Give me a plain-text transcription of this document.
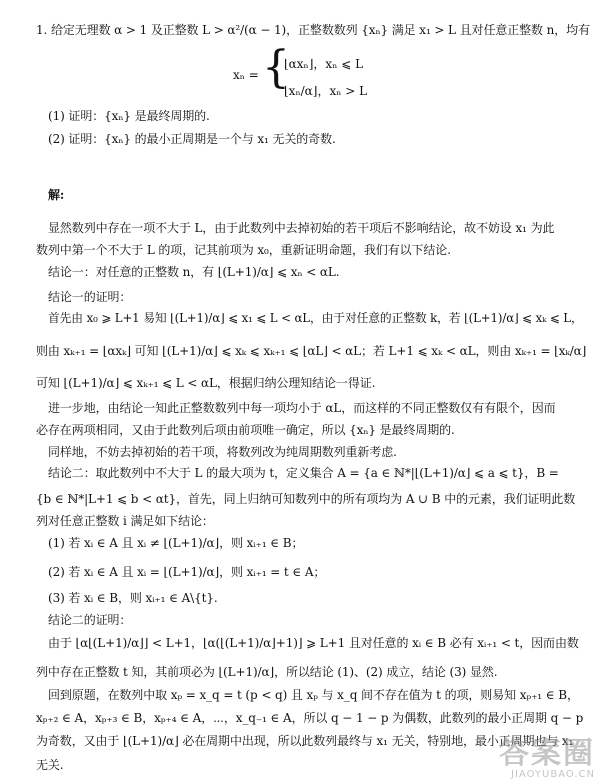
1. 给定无理数 α > 1 及正整数 L > α²/(α − 1)，正整数数列 {xₙ} 满足 x₁ > L 且对任意正整数 n，均有
xₙ = {
⌊αxₙ⌋，xₙ ⩽ L
⌊xₙ/α⌋，xₙ > L
(1) 证明：{xₙ} 是最终周期的.
(2) 证明：{xₙ} 的最小正周期是一个与 x₁ 无关的奇数.
解:
显然数列中存在一项不大于 L，由于此数列中去掉初始的若干项后不影响结论，故不妨设 x₁ 为此
数列中第一个不大于 L 的项，记其前项为 x₀，重新证明命题，我们有以下结论.
结论一：对任意的正整数 n，有 ⌊(L+1)/α⌋ ⩽ xₙ < αL.
结论一的证明：
首先由 x₀ ⩾ L+1 易知 ⌊(L+1)/α⌋ ⩽ x₁ ⩽ L < αL，由于对任意的正整数 k，若 ⌊(L+1)/α⌋ ⩽ xₖ ⩽ L，
则由 xₖ₊₁ = ⌊αxₖ⌋ 可知 ⌊(L+1)/α⌋ ⩽ xₖ ⩽ xₖ₊₁ ⩽ ⌊αL⌋ < αL；若 L+1 ⩽ xₖ < αL，则由 xₖ₊₁ = ⌊xₖ/α⌋
可知 ⌊(L+1)/α⌋ ⩽ xₖ₊₁ ⩽ L < αL，根据归纳公理知结论一得证.
进一步地，由结论一知此正整数数列中每一项均小于 αL，而这样的不同正整数仅有有限个，因而
必存在两项相同，又由于此数列后项由前项唯一确定，所以 {xₙ} 是最终周期的.
同样地，不妨去掉初始的若干项，将数列改为纯周期数列重新考虑.
结论二：取此数列中不大于 L 的最大项为 t，定义集合 A = {a ∈ ℕ*|⌊(L+1)/α⌋ ⩽ a ⩽ t}，B =
{b ∈ ℕ*|L+1 ⩽ b < αt}，首先，同上归纳可知数列中的所有项均为 A ∪ B 中的元素，我们证明此数
列对任意正整数 i 满足如下结论：
(1) 若 xᵢ ∈ A 且 xᵢ ≠ ⌊(L+1)/α⌋，则 xᵢ₊₁ ∈ B；
(2) 若 xᵢ ∈ A 且 xᵢ = ⌊(L+1)/α⌋，则 xᵢ₊₁ = t ∈ A；
(3) 若 xᵢ ∈ B，则 xᵢ₊₁ ∈ A\{t}.
结论二的证明：
由于 ⌊α⌊(L+1)/α⌋⌋ < L+1，⌊α(⌊(L+1)/α⌋+1)⌋ ⩾ L+1 且对任意的 xᵢ ∈ B 必有 xᵢ₊₁ < t，因而由数
列中存在正整数 t 知，其前项必为 ⌊(L+1)/α⌋，所以结论 (1)、(2) 成立，结论 (3) 显然.
回到原题，在数列中取 xₚ = x_q = t (p < q) 且 xₚ 与 x_q 间不存在值为 t 的项，则易知 xₚ₊₁ ∈ B，
xₚ₊₂ ∈ A，xₚ₊₃ ∈ B，xₚ₊₄ ∈ A，⋯，x_q₋₁ ∈ A，所以 q − 1 − p 为偶数，此数列的最小正周期 q − p
为奇数，又由于 ⌊(L+1)/α⌋ 必在周期中出现，所以此数列最终与 x₁ 无关，特别地，最小正周期也与 x₁
无关.	答案圈
JIAOYUBAO.CN
